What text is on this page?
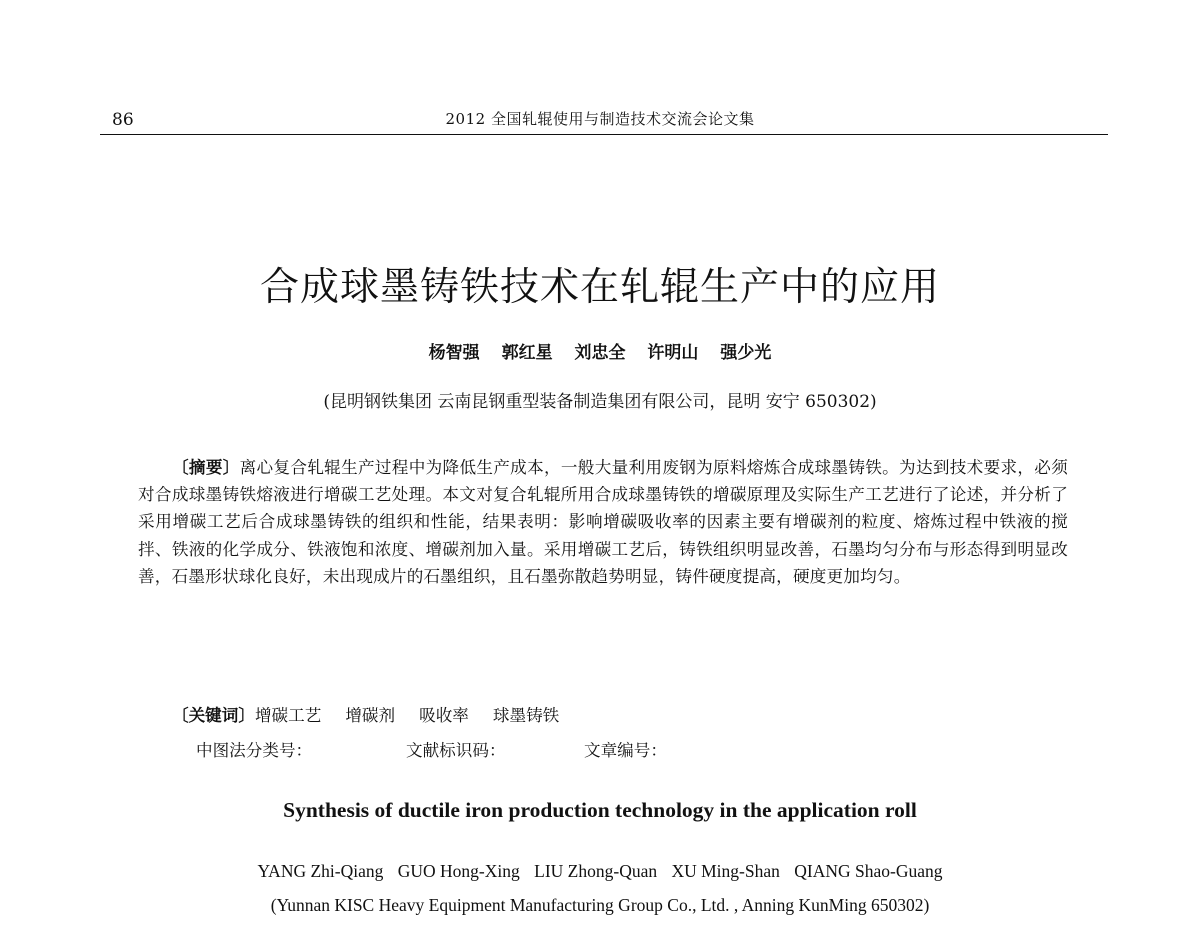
86	2012 全国轧辊使用与制造技术交流会论文集
合成球墨铸铁技术在轧辊生产中的应用
杨智强 郭红星 刘忠全 许明山 强少光
(昆明钢铁集团 云南昆钢重型装备制造集团有限公司，昆明 安宁 650302)
〔摘要〕离心复合轧辊生产过程中为降低生产成本，一般大量利用废钢为原料熔炼合成球墨铸铁。为达到技术要求，必须对合成球墨铸铁熔液进行增碳工艺处理。本文对复合轧辊所用合成球墨铸铁的增碳原理及实际生产工艺进行了论述，并分析了采用增碳工艺后合成球墨铸铁的组织和性能，结果表明：影响增碳吸收率的因素主要有增碳剂的粒度、熔炼过程中铁液的搅拌、铁液的化学成分、铁液饱和浓度、增碳剂加入量。采用增碳工艺后，铸铁组织明显改善，石墨均匀分布与形态得到明显改善，石墨形状球化良好，未出现成片的石墨组织，且石墨弥散趋势明显，铸件硬度提高，硬度更加均匀。
〔关键词〕增碳工艺 增碳剂 吸收率 球墨铸铁
中图法分类号：	文献标识码：	文章编号：
Synthesis of ductile iron production technology in the application roll
YANG Zhi-Qiang GUO Hong-Xing LIU Zhong-Quan XU Ming-Shan QIANG Shao-Guang
(Yunnan KISC Heavy Equipment Manufacturing Group Co., Ltd. , Anning KunMing 650302)
